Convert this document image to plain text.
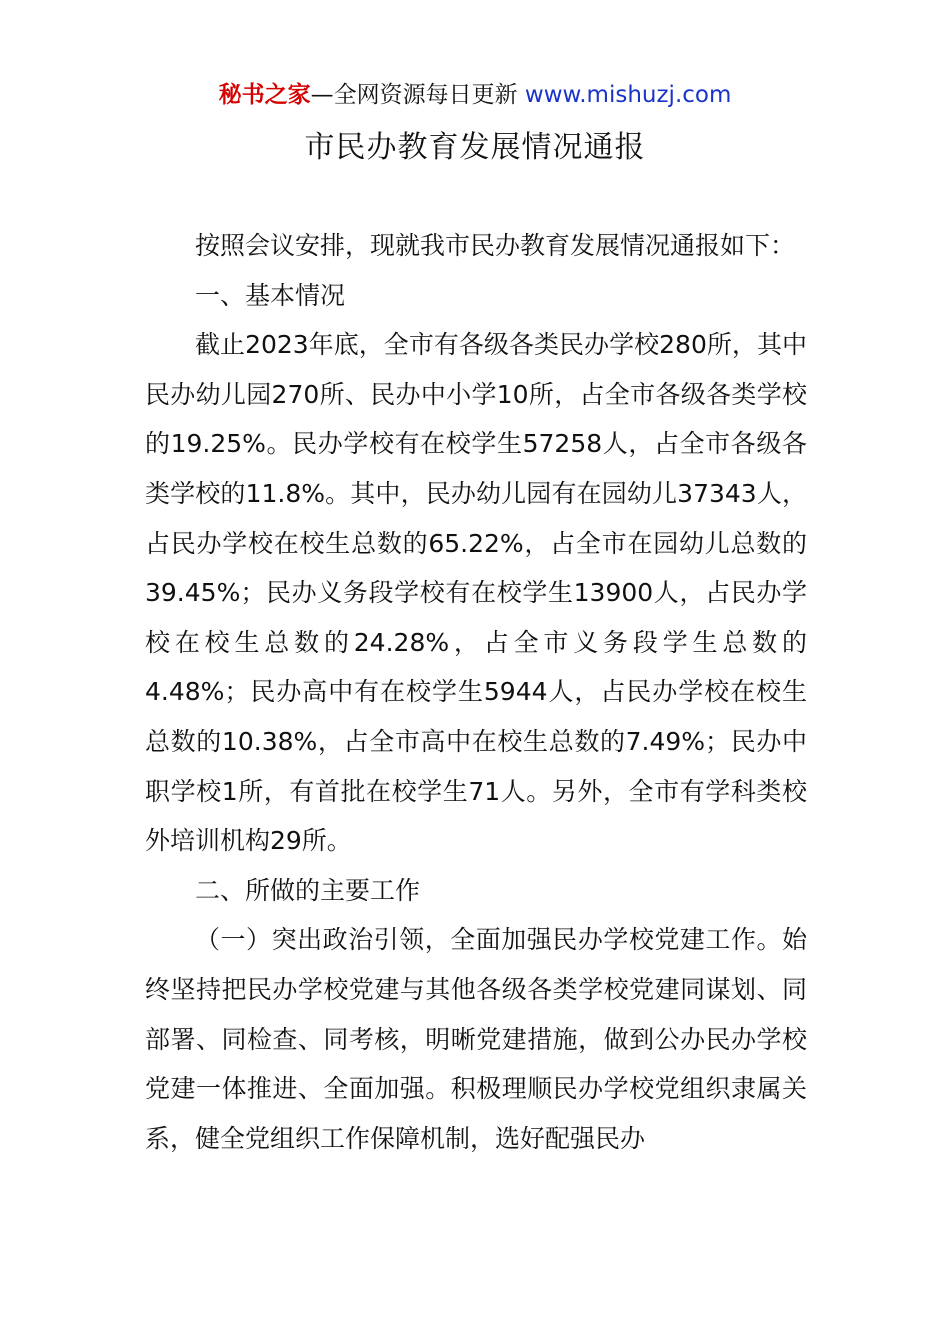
秘书之家—全网资源每日更新 www.mishuzj.com
市民办教育发展情况通报

按照会议安排，现就我市民办教育发展情况通报如下：

一、基本情况

截止2023年底，全市有各级各类民办学校280所，其中民办幼儿园270所、民办中小学10所，占全市各级各类学校的19.25%。民办学校有在校学生57258人，占全市各级各类学校的11.8%。其中，民办幼儿园有在园幼儿37343人，占民办学校在校生总数的65.22%，占全市在园幼儿总数的39.45%；民办义务段学校有在校学生13900人，占民办学校在校生总数的24.28%，占全市义务段学生总数的4.48%；民办高中有在校学生5944人，占民办学校在校生总数的10.38%，占全市高中在校生总数的7.49%；民办中职学校1所，有首批在校学生71人。另外，全市有学科类校外培训机构29所。

二、所做的主要工作

（一）突出政治引领，全面加强民办学校党建工作。始终坚持把民办学校党建与其他各级各类学校党建同谋划、同部署、同检查、同考核，明晰党建措施，做到公办民办学校党建一体推进、全面加强。积极理顺民办学校党组织隶属关系，健全党组织工作保障机制，选好配强民办
